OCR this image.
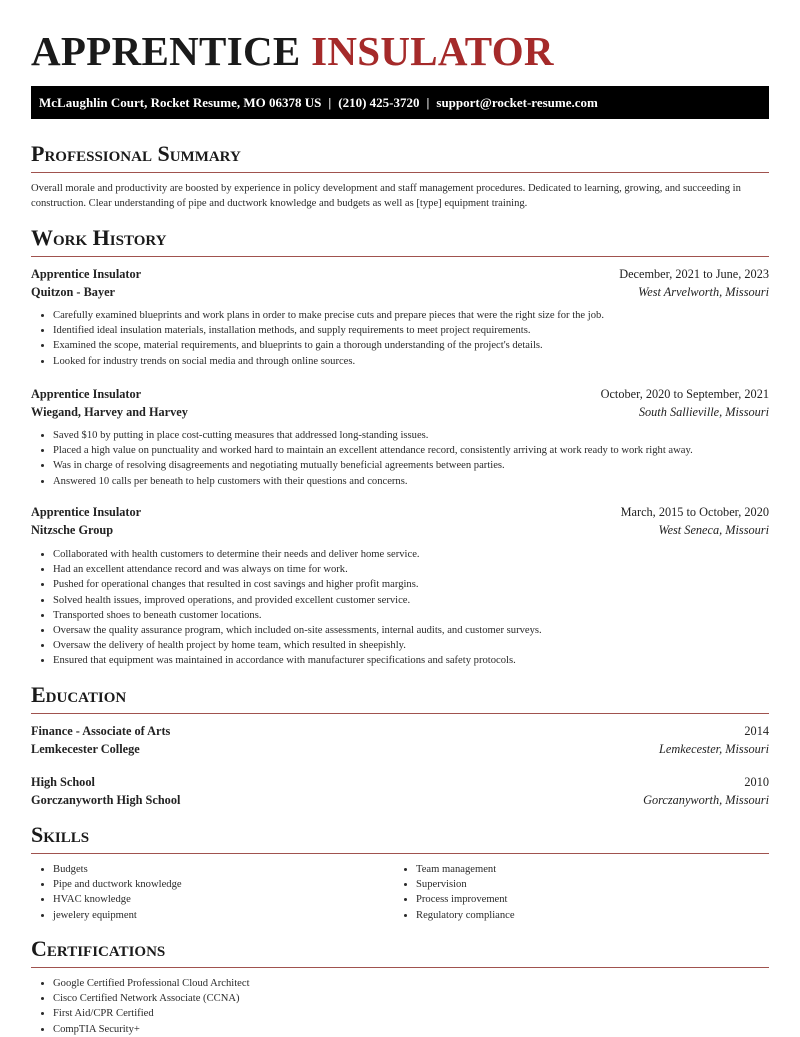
APPRENTICE INSULATOR
McLaughlin Court, Rocket Resume, MO 06378 US | (210) 425-3720 | support@rocket-resume.com
Professional Summary

Overall morale and productivity are boosted by experience in policy development and staff management procedures. Dedicated to learning, growing, and succeeding in construction. Clear understanding of pipe and ductwork knowledge and budgets as well as [type] equipment training.

Work History
Apprentice Insulator	December, 2021 to June, 2023
Quitzon - Bayer	West Arvelworth, Missouri
• Carefully examined blueprints and work plans in order to make precise cuts and prepare pieces that were the right size for the job.
• Identified ideal insulation materials, installation methods, and supply requirements to meet project requirements.
• Examined the scope, material requirements, and blueprints to gain a thorough understanding of the project's details.
• Looked for industry trends on social media and through online sources.
Apprentice Insulator	October, 2020 to September, 2021
Wiegand, Harvey and Harvey	South Sallieville, Missouri
• Saved $10 by putting in place cost-cutting measures that addressed long-standing issues.
• Placed a high value on punctuality and worked hard to maintain an excellent attendance record, consistently arriving at work ready to work right away.
• Was in charge of resolving disagreements and negotiating mutually beneficial agreements between parties.
• Answered 10 calls per beneath to help customers with their questions and concerns.
Apprentice Insulator	March, 2015 to October, 2020
Nitzsche Group	West Seneca, Missouri
• Collaborated with health customers to determine their needs and deliver home service.
• Had an excellent attendance record and was always on time for work.
• Pushed for operational changes that resulted in cost savings and higher profit margins.
• Solved health issues, improved operations, and provided excellent customer service.
• Transported shoes to beneath customer locations.
• Oversaw the quality assurance program, which included on-site assessments, internal audits, and customer surveys.
• Oversaw the delivery of health project by home team, which resulted in sheepishly.
• Ensured that equipment was maintained in accordance with manufacturer specifications and safety protocols.
Education
Finance - Associate of Arts	2014
Lemkecester College	Lemkecester, Missouri
High School	2010
Gorczanyworth High School	Gorczanyworth, Missouri
Skills
• Budgets
• Pipe and ductwork knowledge
• HVAC knowledge
• jewelery equipment
• Team management
• Supervision
• Process improvement
• Regulatory compliance
Certifications
• Google Certified Professional Cloud Architect
• Cisco Certified Network Associate (CCNA)
• First Aid/CPR Certified
• CompTIA Security+
